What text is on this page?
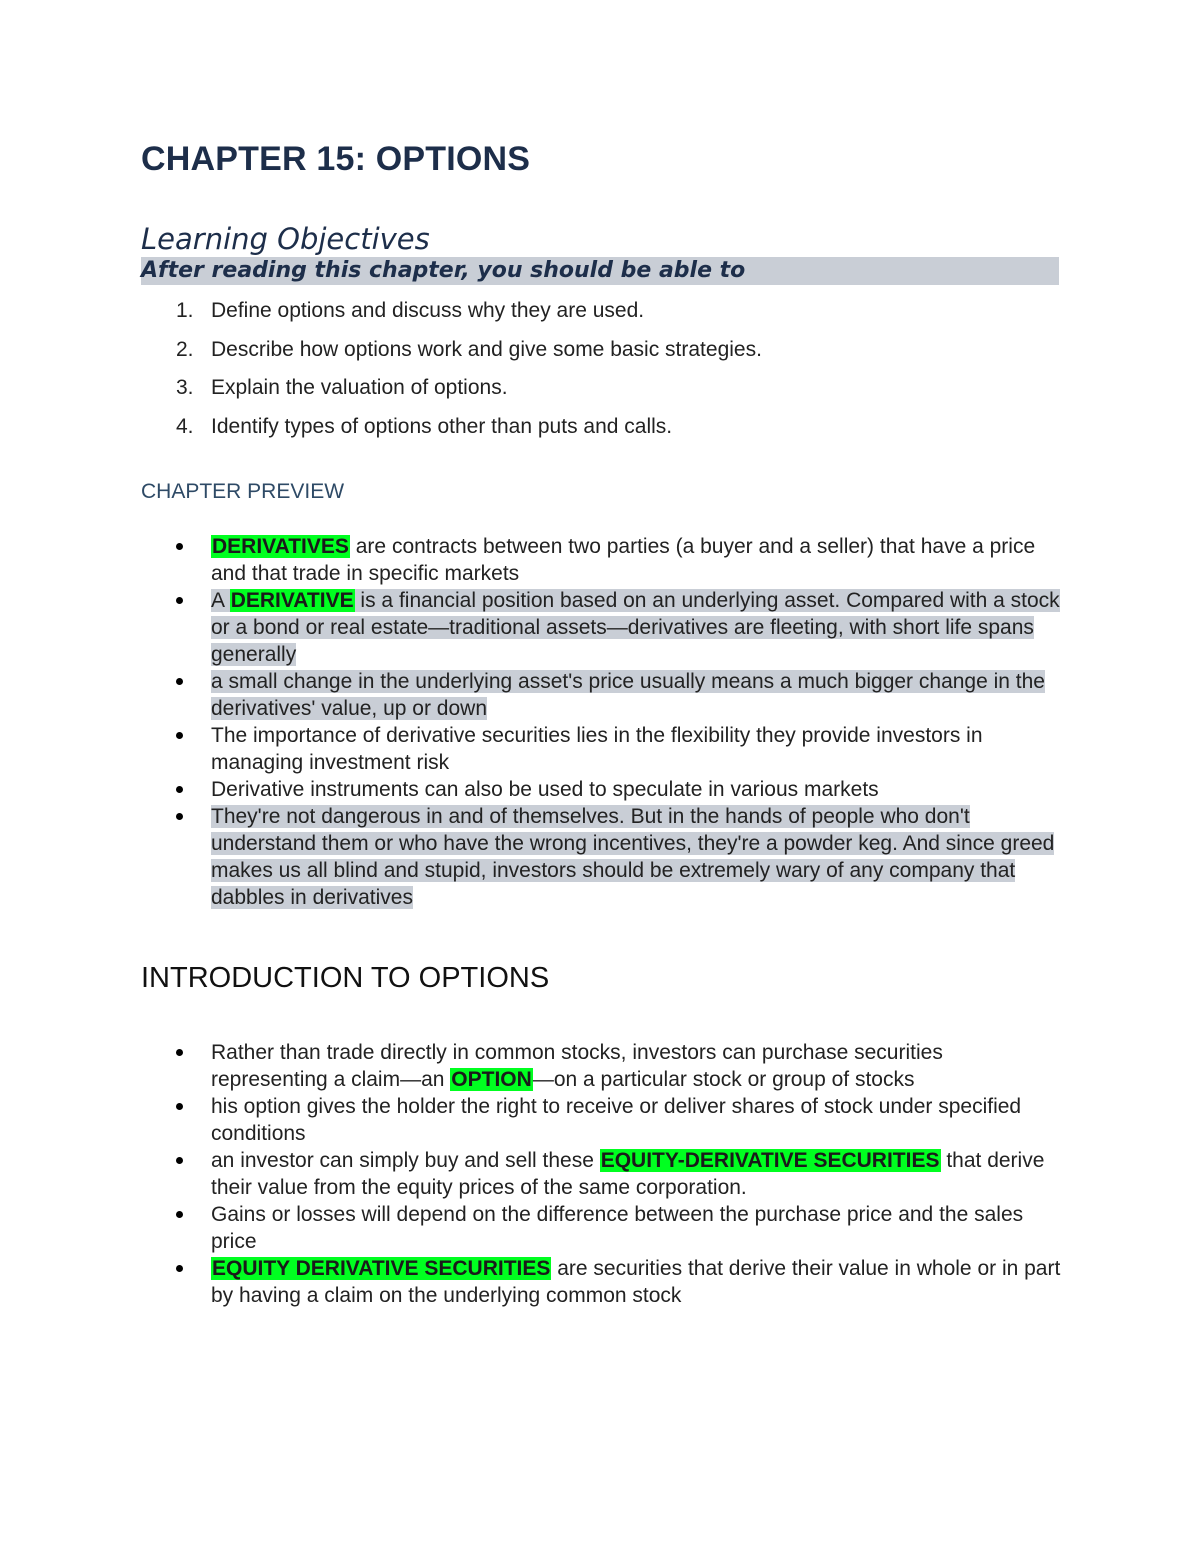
CHAPTER 15: OPTIONS
Learning Objectives
After reading this chapter, you should be able to
1. Define options and discuss why they are used.
2. Describe how options work and give some basic strategies.
3. Explain the valuation of options.
4. Identify types of options other than puts and calls.
CHAPTER PREVIEW
DERIVATIVES are contracts between two parties (a buyer and a seller) that have a price and that trade in specific markets
A DERIVATIVE is a financial position based on an underlying asset. Compared with a stock or a bond or real estate—traditional assets—derivatives are fleeting, with short life spans generally
a small change in the underlying asset's price usually means a much bigger change in the derivatives' value, up or down
The importance of derivative securities lies in the flexibility they provide investors in managing investment risk
Derivative instruments can also be used to speculate in various markets
They're not dangerous in and of themselves. But in the hands of people who don't understand them or who have the wrong incentives, they're a powder keg. And since greed makes us all blind and stupid, investors should be extremely wary of any company that dabbles in derivatives
INTRODUCTION TO OPTIONS
Rather than trade directly in common stocks, investors can purchase securities representing a claim—an OPTION—on a particular stock or group of stocks
his option gives the holder the right to receive or deliver shares of stock under specified conditions
an investor can simply buy and sell these EQUITY-DERIVATIVE SECURITIES that derive their value from the equity prices of the same corporation.
Gains or losses will depend on the difference between the purchase price and the sales price
EQUITY DERIVATIVE SECURITIES are securities that derive their value in whole or in part by having a claim on the underlying common stock
